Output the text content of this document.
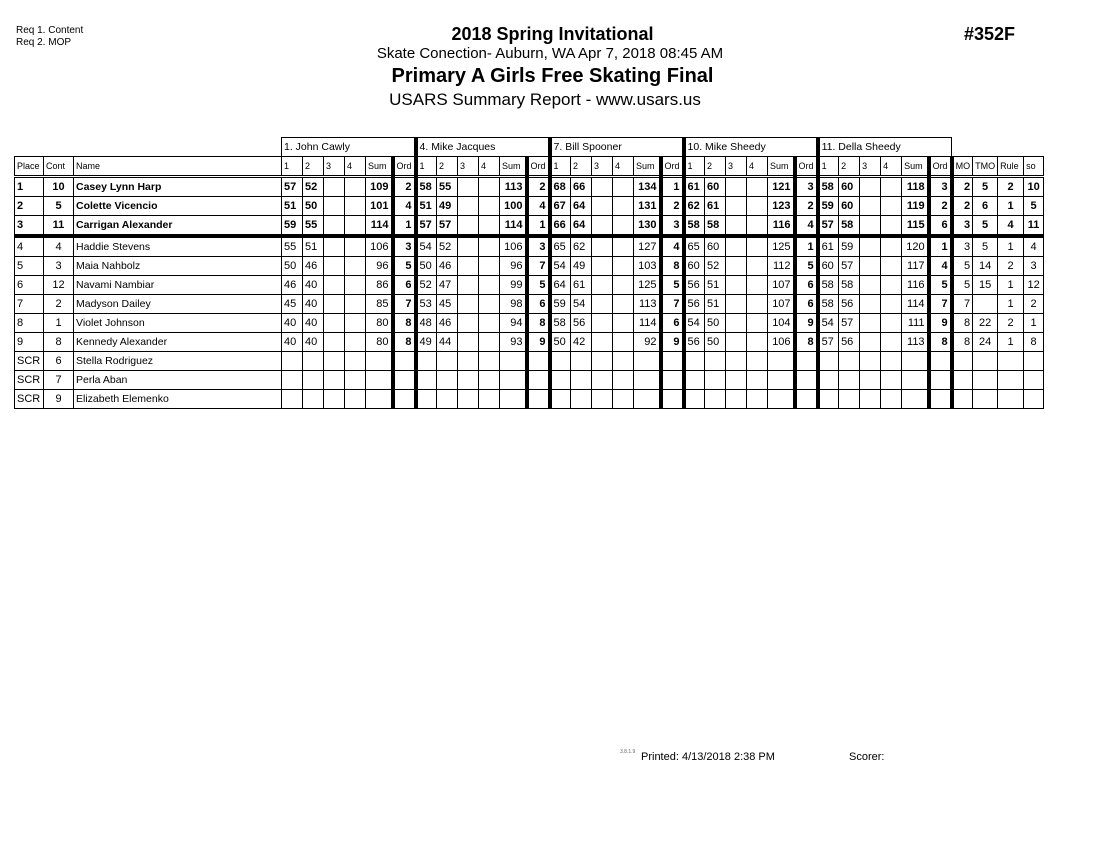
Req 1. Content
Req 2. MOP	2018 Spring Invitational
Skate Conection- Auburn, WA Apr 7, 2018 08:45 AM
Primary A Girls Free Skating Final
USARS Summary Report - www.usars.us
#352F
			1. John Cawly						4. Mike Jacques						7. Bill Spooner						10. Mike Sheedy						11. Della Sheedy									
Place	Cont	Name	1	2	3	4	Sum	Ord	1	2	3	4	Sum	Ord	1	2	3	4	Sum	Ord	1	2	3	4	Sum	Ord	1	2	3	4	Sum	Ord	MO	TMO	Rule	so
1	10	Casey Lynn Harp	57	52			109	2	58	55			113	2	68	66			134	1	61	60			121	3	58	60			118	3	2	5	2	10
2	5	Colette Vicencio	51	50			101	4	51	49			100	4	67	64			131	2	62	61			123	2	59	60			119	2	2	6	1	5
3	11	Carrigan Alexander	59	55			114	1	57	57			114	1	66	64			130	3	58	58			116	4	57	58			115	6	3	5	4	11
4	4	Haddie Stevens	55	51			106	3	54	52			106	3	65	62			127	4	65	60			125	1	61	59			120	1	3	5	1	4
5	3	Maia Nahbolz	50	46			96	5	50	46			96	7	54	49			103	8	60	52			112	5	60	57			117	4	5	14	2	3
6	12	Navami Nambiar	46	40			86	6	52	47			99	5	64	61			125	5	56	51			107	6	58	58			116	5	5	15	1	12
7	2	Madyson Dailey	45	40			85	7	53	45			98	6	59	54			113	7	56	51			107	6	58	56			114	7	7		1	2
8	1	Violet Johnson	40	40			80	8	48	46			94	8	58	56			114	6	54	50			104	9	54	57			111	9	8	22	2	1
9	8	Kennedy Alexander	40	40			80	8	49	44			93	9	50	42			92	9	56	50			106	8	57	56			113	8	8	24	1	8
SCR	6	Stella Rodriguez																																		
SCR	7	Perla Aban																																		
SCR	9	Elizabeth Elemenko																																		
3.8.1.9 Printed: 4/13/2018 2:38 PM	Scorer:
